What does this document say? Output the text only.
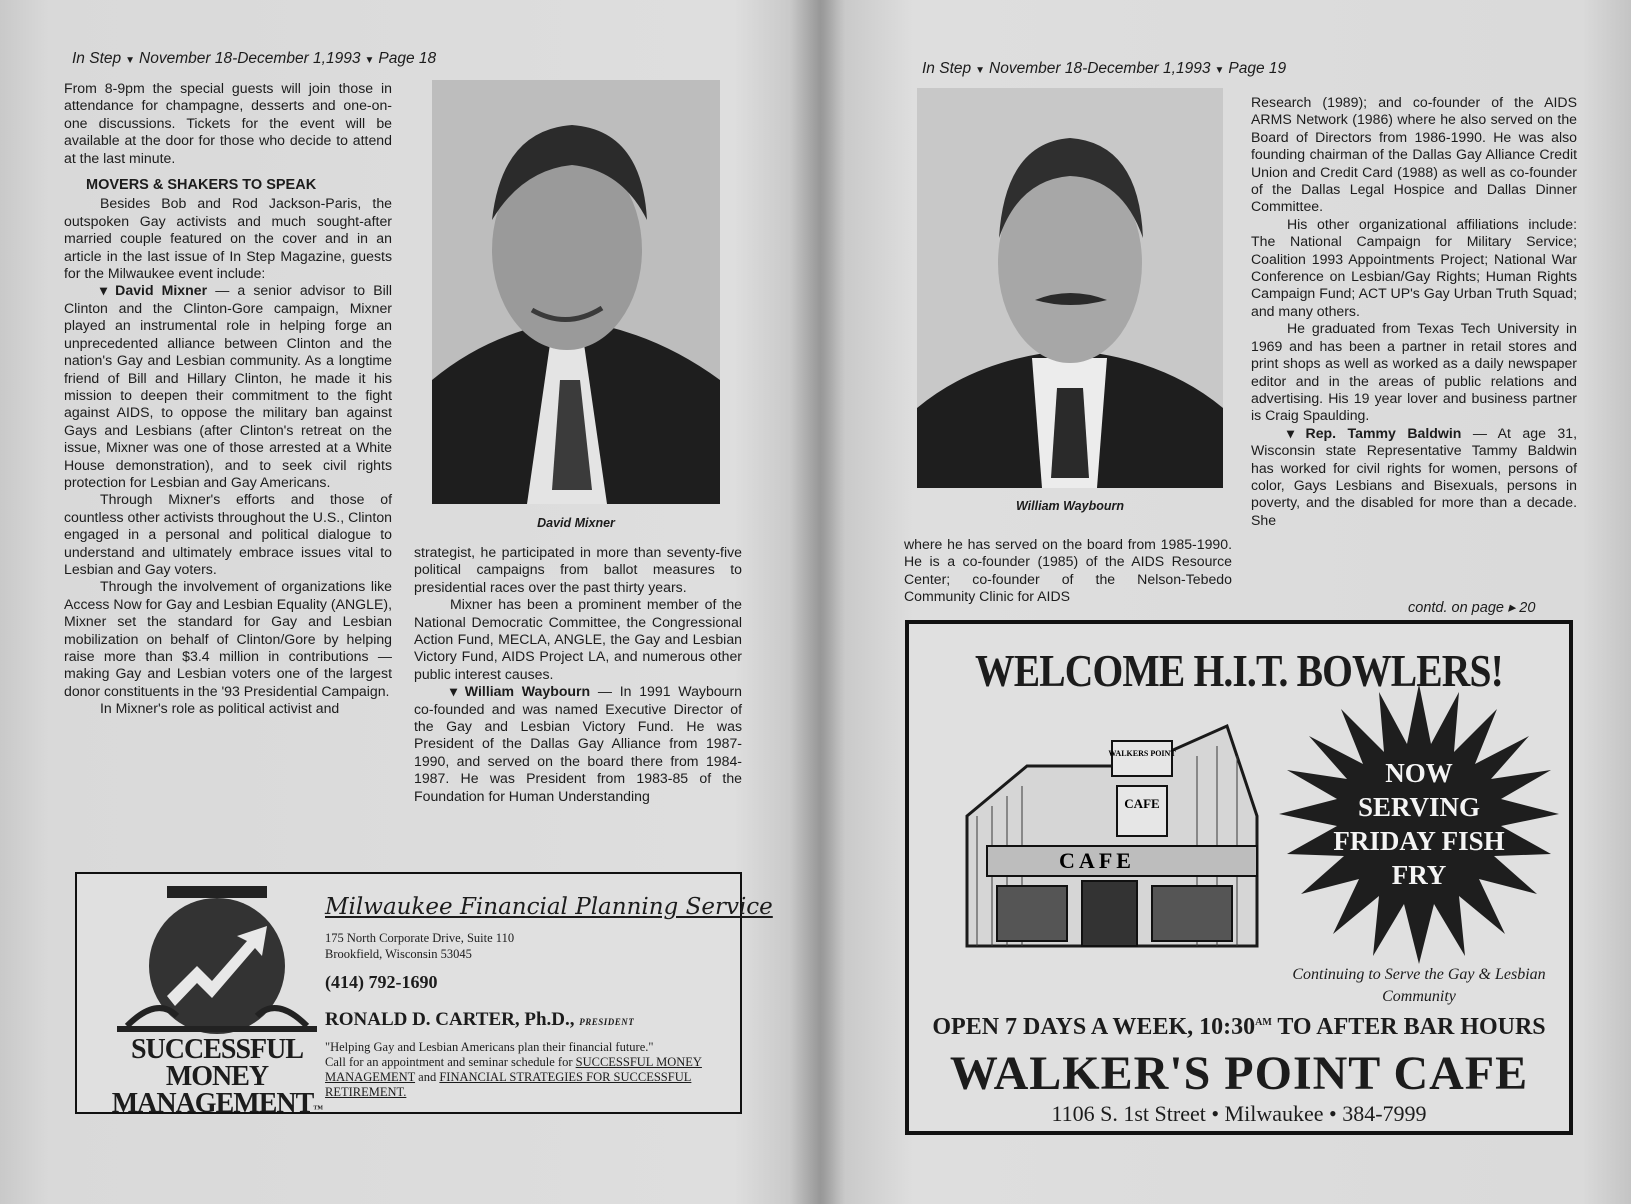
In Step ▼ November 18-December 1,1993 ▼ Page 18

From 8-9pm the special guests will join those in attendance for champagne, desserts and one-on-one discussions. Tickets for the event will be available at the door for those who decide to attend at the last minute.

MOVERS & SHAKERS TO SPEAK

Besides Bob and Rod Jackson-Paris, the outspoken Gay activists and much sought-after married couple featured on the cover and in an article in the last issue of In Step Magazine, guests for the Milwaukee event include:

▾ David Mixner — a senior advisor to Bill Clinton and the Clinton-Gore campaign, Mixner played an instrumental role in helping forge an unprecedented alliance between Clinton and the nation's Gay and Lesbian community. As a longtime friend of Bill and Hillary Clinton, he made it his mission to deepen their commitment to the fight against AIDS, to oppose the military ban against Gays and Lesbians (after Clinton's retreat on the issue, Mixner was one of those arrested at a White House demonstration), and to seek civil rights protection for Lesbian and Gay Americans.

Through Mixner's efforts and those of countless other activists throughout the U.S., Clinton engaged in a personal and political dialogue to understand and ultimately embrace issues vital to Lesbian and Gay voters.

Through the involvement of organizations like Access Now for Gay and Lesbian Equality (ANGLE), Mixner set the standard for Gay and Lesbian mobilization on behalf of Clinton/Gore by helping raise more than $3.4 million in contributions — making Gay and Lesbian voters one of the largest donor constituents in the '93 Presidential Campaign.

In Mixner's role as political activist and

David Mixner

strategist, he participated in more than seventy-five political campaigns from ballot measures to presidential races over the past thirty years.

Mixner has been a prominent member of the National Democratic Committee, the Congressional Action Fund, MECLA, ANGLE, the Gay and Lesbian Victory Fund, AIDS Project LA, and numerous other public interest causes.

▾ William Waybourn — In 1991 Waybourn co-founded and was named Executive Director of the Gay and Lesbian Victory Fund. He was President of the Dallas Gay Alliance from 1987-1990, and served on the board there from 1984-1987. He was President from 1983-85 of the Foundation for Human Understanding

SUCCESSFUL
MONEY
MANAGEMENT™
Milwaukee Financial Planning Service
175 North Corporate Drive, Suite 110
Brookfield, Wisconsin 53045
(414) 792-1690
RONALD D. CARTER, Ph.D., PRESIDENT
"Helping Gay and Lesbian Americans plan their financial future."
Call for an appointment and seminar schedule for SUCCESSFUL MONEY MANAGEMENT and FINANCIAL STRATEGIES FOR SUCCESSFUL RETIREMENT.
In Step ▼ November 18-December 1,1993 ▼ Page 19
William Waybourn

where he has served on the board from 1985-1990. He is a co-founder (1985) of the AIDS Resource Center; co-founder of the Nelson-Tebedo Community Clinic for AIDS

Research (1989); and co-founder of the AIDS ARMS Network (1986) where he also served on the Board of Directors from 1986-1990. He was also founding chairman of the Dallas Gay Alliance Credit Union and Credit Card (1988) as well as co-founder of the Dallas Legal Hospice and Dallas Dinner Committee.

His other organizational affiliations include: The National Campaign for Military Service; Coalition 1993 Appointments Project; National War Conference on Lesbian/Gay Rights; Human Rights Campaign Fund; ACT UP's Gay Urban Truth Squad; and many others.

He graduated from Texas Tech University in 1969 and has been a partner in retail stores and print shops as well as worked as a daily newspaper editor and in the areas of public relations and advertising. His 19 year lover and business partner is Craig Spaulding.

▾ Rep. Tammy Baldwin — At age 31, Wisconsin state Representative Tammy Baldwin has worked for civil rights for women, persons of color, Gays Lesbians and Bisexuals, persons in poverty, and the disabled for more than a decade. She

contd. on page ▸ 20
WELCOME H.I.T. BOWLERS!
WALKERS POINT
CAFE
CAFE
NOW
SERVING
FRIDAY FISH
FRY
Continuing to Serve the Gay & Lesbian Community
OPEN 7 DAYS A WEEK, $10:30^{AM}$ TO AFTER BAR HOURS
WALKER'S POINT CAFE
1106 S. 1st Street • Milwaukee • 384-7999
